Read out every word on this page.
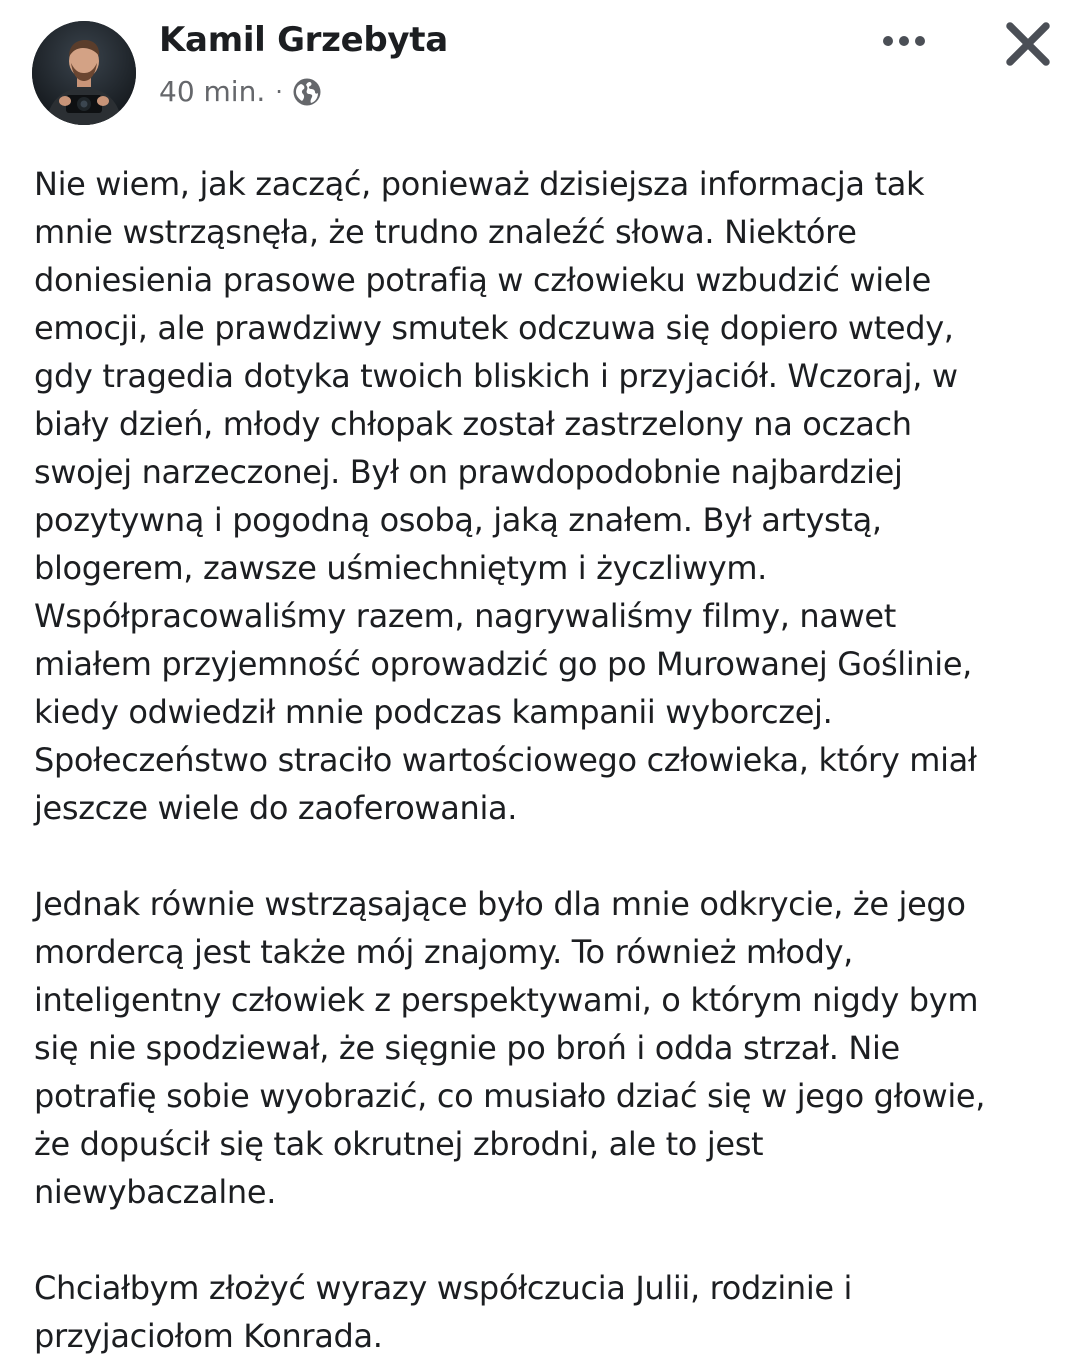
Kamil Grzebyta
40 min. ·

Nie wiem, jak zacząć, ponieważ dzisiejsza informacja tak
mnie wstrząsnęła, że trudno znaleźć słowa. Niektóre
doniesienia prasowe potrafią w człowieku wzbudzić wiele
emocji, ale prawdziwy smutek odczuwa się dopiero wtedy,
gdy tragedia dotyka twoich bliskich i przyjaciół. Wczoraj, w
biały dzień, młody chłopak został zastrzelony na oczach
swojej narzeczonej. Był on prawdopodobnie najbardziej
pozytywną i pogodną osobą, jaką znałem. Był artystą,
blogerem, zawsze uśmiechniętym i życzliwym.
Współpracowaliśmy razem, nagrywaliśmy filmy, nawet
miałem przyjemność oprowadzić go po Murowanej Goślinie,
kiedy odwiedził mnie podczas kampanii wyborczej.
Społeczeństwo straciło wartościowego człowieka, który miał
jeszcze wiele do zaoferowania.

Jednak równie wstrząsające było dla mnie odkrycie, że jego
mordercą jest także mój znajomy. To również młody,
inteligentny człowiek z perspektywami, o którym nigdy bym
się nie spodziewał, że sięgnie po broń i odda strzał. Nie
potrafię sobie wyobrazić, co musiało dziać się w jego głowie,
że dopuścił się tak okrutnej zbrodni, ale to jest
niewybaczalne.

Chciałbym złożyć wyrazy współczucia Julii, rodzinie i
przyjaciołom Konrada.
